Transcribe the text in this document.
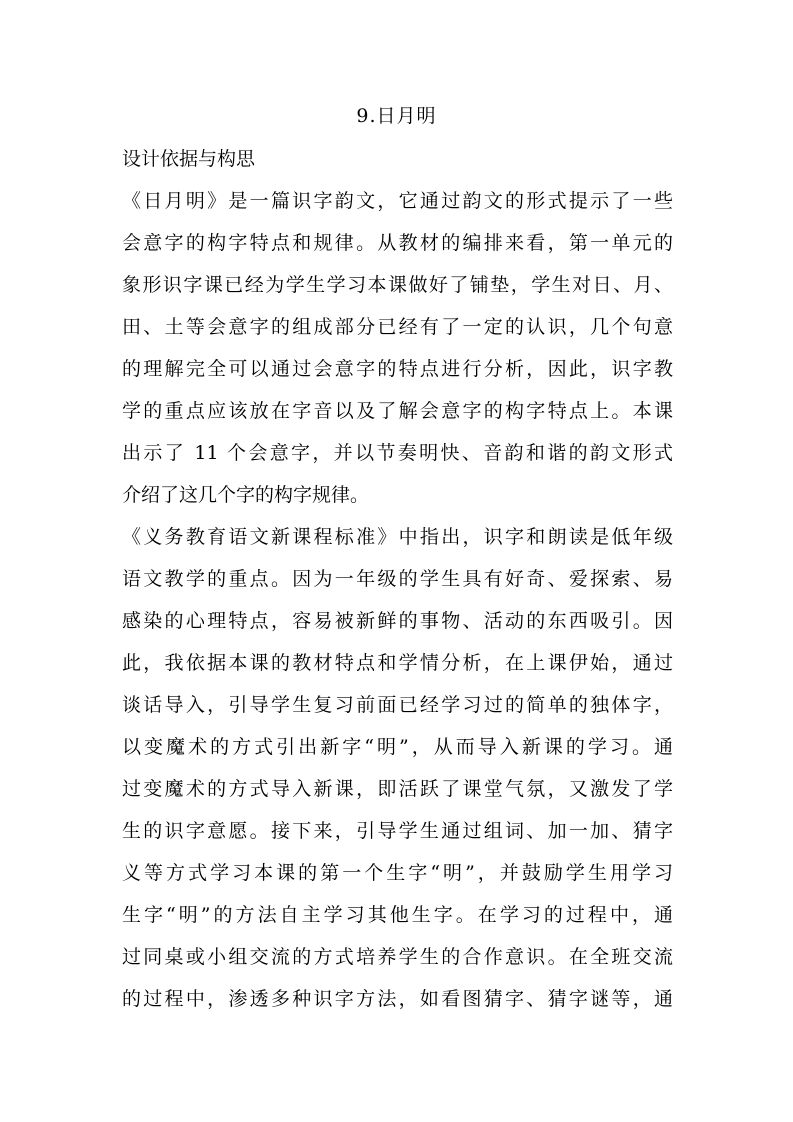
9.日月明
设计依据与构思
《日月明》是一篇识字韵文，它通过韵文的形式提示了一些
会意字的构字特点和规律。从教材的编排来看，第一单元的
象形识字课已经为学生学习本课做好了铺垫，学生对日、月、
田、土等会意字的组成部分已经有了一定的认识，几个句意
的理解完全可以通过会意字的特点进行分析，因此，识字教
学的重点应该放在字音以及了解会意字的构字特点上。本课
出示了 11 个会意字，并以节奏明快、音韵和谐的韵文形式
介绍了这几个字的构字规律。
《义务教育语文新课程标准》中指出，识字和朗读是低年级
语文教学的重点。因为一年级的学生具有好奇、爱探索、易
感染的心理特点，容易被新鲜的事物、活动的东西吸引。因
此，我依据本课的教材特点和学情分析，在上课伊始，通过
谈话导入，引导学生复习前面已经学习过的简单的独体字，
以变魔术的方式引出新字“明”，从而导入新课的学习。通
过变魔术的方式导入新课，即活跃了课堂气氛，又激发了学
生的识字意愿。接下来，引导学生通过组词、加一加、猜字
义等方式学习本课的第一个生字“明”，并鼓励学生用学习
生字“明”的方法自主学习其他生字。在学习的过程中，通
过同桌或小组交流的方式培养学生的合作意识。在全班交流
的过程中，渗透多种识字方法，如看图猜字、猜字谜等，通
